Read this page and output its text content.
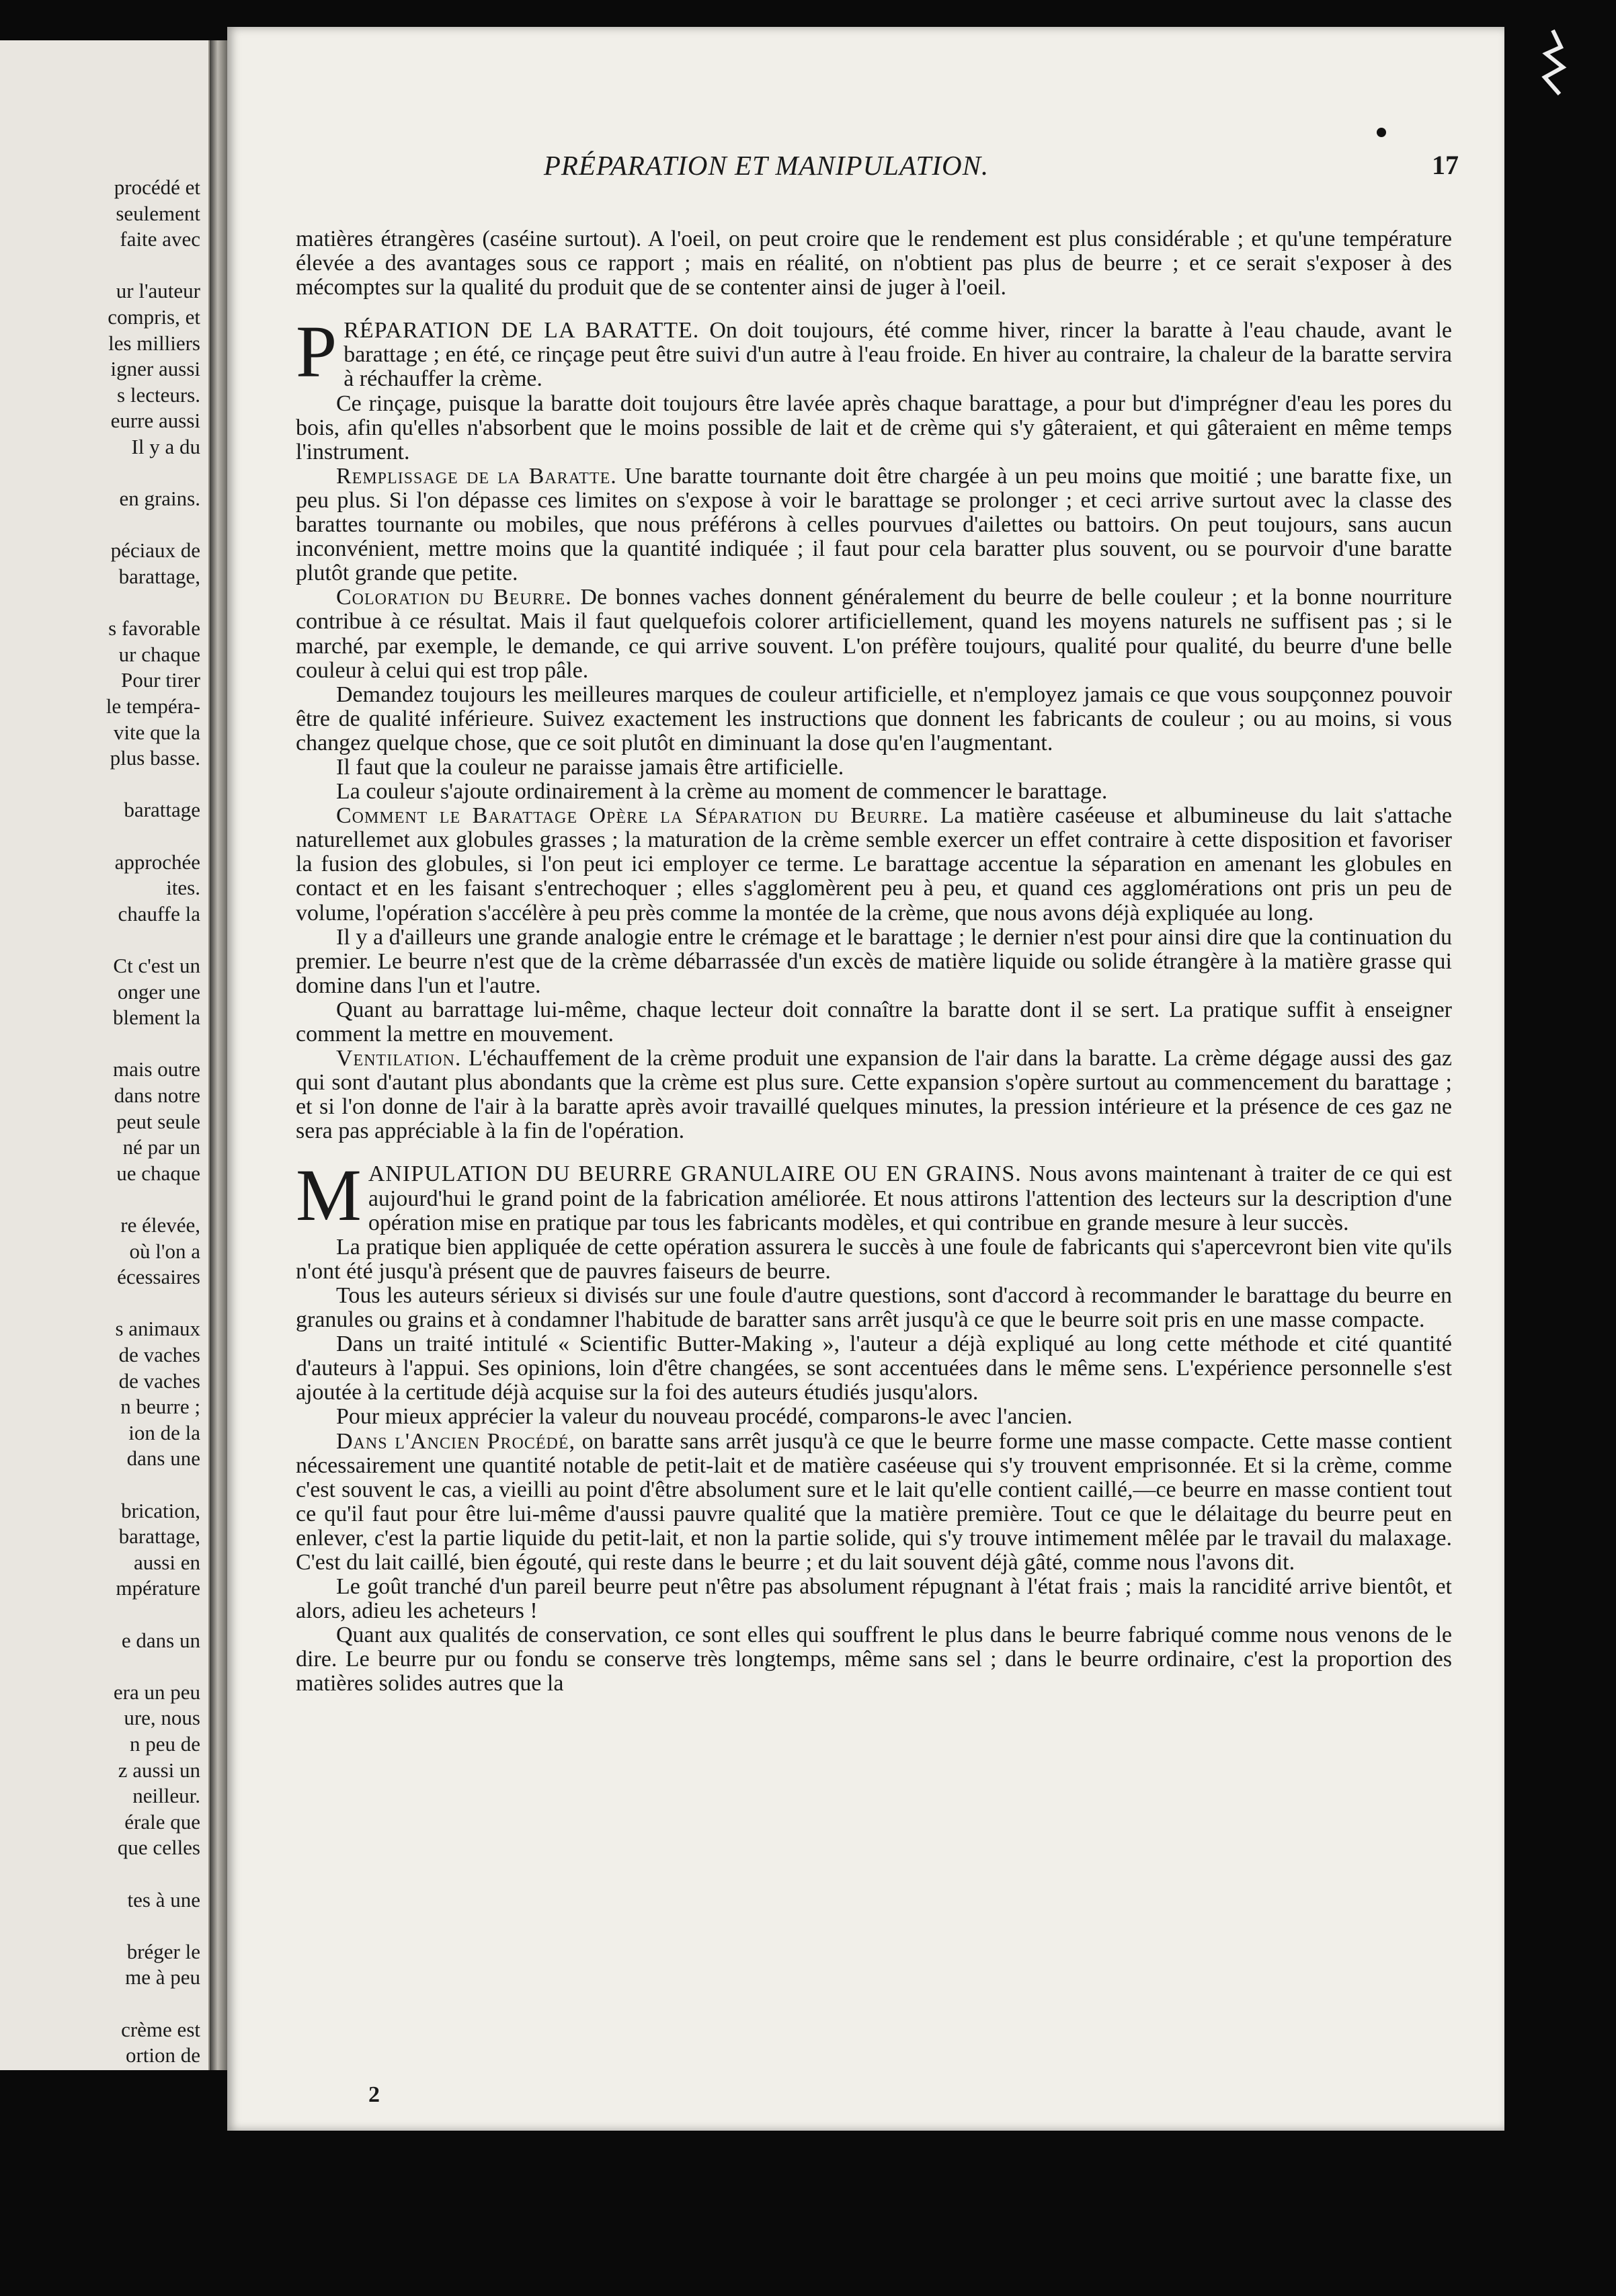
procédé et
seulement
faite avec
ur l'auteur
compris, et
les milliers
igner aussi
s lecteurs.
eurre aussi
Il y a du
en grains.
péciaux de
barattage,
s favorable
ur chaque
Pour tirer
le tempéra-
vite que la
plus basse.
barattage
approchée
ites.
chauffe la
Ct c'est un
onger une
blement la
mais outre
dans notre
peut seule
né par un
ue chaque
re élevée,
où l'on a
écessaires
s animaux
de vaches
de vaches
n beurre ;
ion de la
dans une
brication,
barattage,
aussi en
mpérature
e dans un
era un peu
ure, nous
n peu de
z aussi un
neilleur.
érale que
que celles
tes à une
bréger le
me à peu
crème est
ortion de
PRÉPARATION ET MANIPULATION.	17

matières étrangères (caséine surtout). A l'oeil, on peut croire que le rendement est plus considérable ; et qu'une température élevée a des avantages sous ce rapport ; mais en réalité, on n'obtient pas plus de beurre ; et ce serait s'exposer à des mécomptes sur la qualité du produit que de se contenter ainsi de juger à l'oeil.

PRÉPARATION DE LA BARATTE. On doit toujours, été comme hiver, rincer la baratte à l'eau chaude, avant le barattage ; en été, ce rinçage peut être suivi d'un autre à l'eau froide. En hiver au contraire, la chaleur de la baratte servira à réchauffer la crème.

Ce rinçage, puisque la baratte doit toujours être lavée après chaque barattage, a pour but d'imprégner d'eau les pores du bois, afin qu'elles n'absorbent que le moins possible de lait et de crème qui s'y gâteraient, et qui gâteraient en même temps l'instrument.

Remplissage de la Baratte. Une baratte tournante doit être chargée à un peu moins que moitié ; une baratte fixe, un peu plus. Si l'on dépasse ces limites on s'expose à voir le barattage se prolonger ; et ceci arrive surtout avec la classe des barattes tournante ou mobiles, que nous préférons à celles pourvues d'ailettes ou battoirs. On peut toujours, sans aucun inconvénient, mettre moins que la quantité indiquée ; il faut pour cela baratter plus souvent, ou se pourvoir d'une baratte plutôt grande que petite.

Coloration du Beurre. De bonnes vaches donnent généralement du beurre de belle couleur ; et la bonne nourriture contribue à ce résultat. Mais il faut quelquefois colorer artificiellement, quand les moyens naturels ne suffisent pas ; si le marché, par exemple, le demande, ce qui arrive souvent. L'on préfère toujours, qualité pour qualité, du beurre d'une belle couleur à celui qui est trop pâle.

Demandez toujours les meilleures marques de couleur artificielle, et n'employez jamais ce que vous soupçonnez pouvoir être de qualité inférieure. Suivez exactement les instructions que donnent les fabricants de couleur ; ou au moins, si vous changez quelque chose, que ce soit plutôt en diminuant la dose qu'en l'augmentant.

Il faut que la couleur ne paraisse jamais être artificielle.

La couleur s'ajoute ordinairement à la crème au moment de commencer le barattage.

Comment le Barattage Opère la Séparation du Beurre. La matière caséeuse et albumineuse du lait s'attache naturellemet aux globules grasses ; la maturation de la crème semble exercer un effet contraire à cette disposition et favoriser la fusion des globules, si l'on peut ici employer ce terme. Le barattage accentue la séparation en amenant les globules en contact et en les faisant s'entrechoquer ; elles s'agglomèrent peu à peu, et quand ces agglomérations ont pris un peu de volume, l'opération s'accélère à peu près comme la montée de la crème, que nous avons déjà expliquée au long.

Il y a d'ailleurs une grande analogie entre le crémage et le barattage ; le dernier n'est pour ainsi dire que la continuation du premier. Le beurre n'est que de la crème débarrassée d'un excès de matière liquide ou solide étrangère à la matière grasse qui domine dans l'un et l'autre.

Quant au barrattage lui-même, chaque lecteur doit connaître la baratte dont il se sert. La pratique suffit à enseigner comment la mettre en mouvement.

Ventilation. L'échauffement de la crème produit une expansion de l'air dans la baratte. La crème dégage aussi des gaz qui sont d'autant plus abondants que la crème est plus sure. Cette expansion s'opère surtout au commencement du barattage ; et si l'on donne de l'air à la baratte après avoir travaillé quelques minutes, la pression intérieure et la présence de ces gaz ne sera pas appréciable à la fin de l'opération.

MANIPULATION DU BEURRE GRANULAIRE OU EN GRAINS. Nous avons maintenant à traiter de ce qui est aujourd'hui le grand point de la fabrication améliorée. Et nous attirons l'attention des lecteurs sur la description d'une opération mise en pratique par tous les fabricants modèles, et qui contribue en grande mesure à leur succès.

La pratique bien appliquée de cette opération assurera le succès à une foule de fabricants qui s'apercevront bien vite qu'ils n'ont été jusqu'à présent que de pauvres faiseurs de beurre.

Tous les auteurs sérieux si divisés sur une foule d'autre questions, sont d'accord à recommander le barattage du beurre en granules ou grains et à condamner l'habitude de baratter sans arrêt jusqu'à ce que le beurre soit pris en une masse compacte.

Dans un traité intitulé « Scientific Butter-Making », l'auteur a déjà expliqué au long cette méthode et cité quantité d'auteurs à l'appui. Ses opinions, loin d'être changées, se sont accentuées dans le même sens. L'expérience personnelle s'est ajoutée à la certitude déjà acquise sur la foi des auteurs étudiés jusqu'alors.

Pour mieux apprécier la valeur du nouveau procédé, comparons-le avec l'ancien.

Dans l'Ancien Procédé, on baratte sans arrêt jusqu'à ce que le beurre forme une masse compacte. Cette masse contient nécessairement une quantité notable de petit-lait et de matière caséeuse qui s'y trouvent emprisonnée. Et si la crème, comme c'est souvent le cas, a vieilli au point d'être absolument sure et le lait qu'elle contient caillé,—ce beurre en masse contient tout ce qu'il faut pour être lui-même d'aussi pauvre qualité que la matière première. Tout ce que le délaitage du beurre peut en enlever, c'est la partie liquide du petit-lait, et non la partie solide, qui s'y trouve intimement mêlée par le travail du malaxage. C'est du lait caillé, bien égouté, qui reste dans le beurre ; et du lait souvent déjà gâté, comme nous l'avons dit.

Le goût tranché d'un pareil beurre peut n'être pas absolument répugnant à l'état frais ; mais la rancidité arrive bientôt, et alors, adieu les acheteurs !

Quant aux qualités de conservation, ce sont elles qui souffrent le plus dans le beurre fabriqué comme nous venons de le dire. Le beurre pur ou fondu se conserve très longtemps, même sans sel ; dans le beurre ordinaire, c'est la proportion des matières solides autres que la

2
